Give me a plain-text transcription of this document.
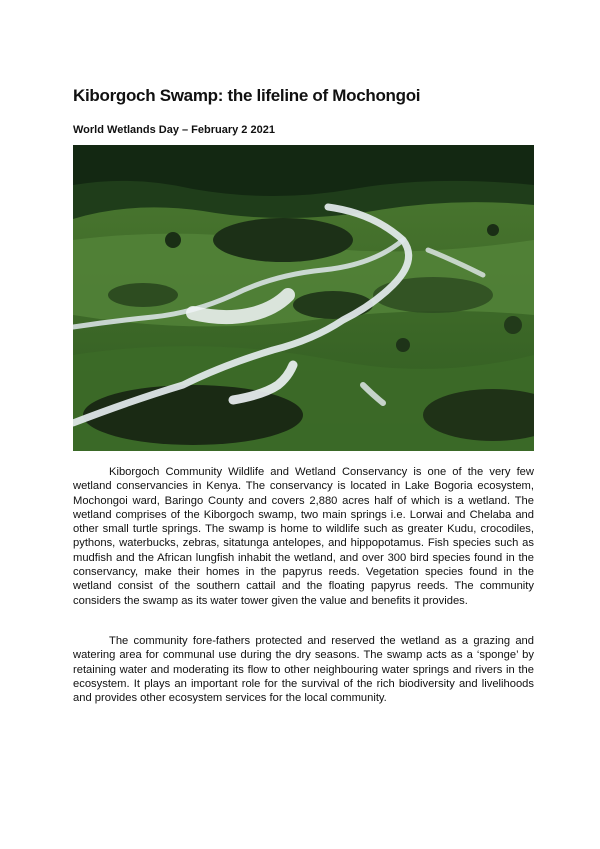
Kiborgoch Swamp: the lifeline of Mochongoi
World Wetlands Day – February 2 2021

Kiborgoch Community Wildlife and Wetland Conservancy is one of the very few wetland conservancies in Kenya. The conservancy is located in Lake Bogoria ecosystem, Mochongoi ward, Baringo County and covers 2,880 acres half of which is a wetland. The wetland comprises of the Kiborgoch swamp, two main springs i.e. Lorwai and Chelaba and other small turtle springs. The swamp is home to wildlife such as greater Kudu, crocodiles, pythons, waterbucks, zebras, sitatunga antelopes, and hippopotamus. Fish species such as mudfish and the African lungfish inhabit the wetland, and over 300 bird species found in the conservancy, make their homes in the papyrus reeds. Vegetation species found in the wetland consist of the southern cattail and the floating papyrus reeds. The community considers the swamp as its water tower given the value and benefits it provides.

The community fore-fathers protected and reserved the wetland as a grazing and watering area for communal use during the dry seasons. The swamp acts as a ‘sponge’ by retaining water and moderating its flow to other neighbouring water springs and rivers in the ecosystem. It plays an important role for the survival of the rich biodiversity and livelihoods and provides other ecosystem services for the local community.
